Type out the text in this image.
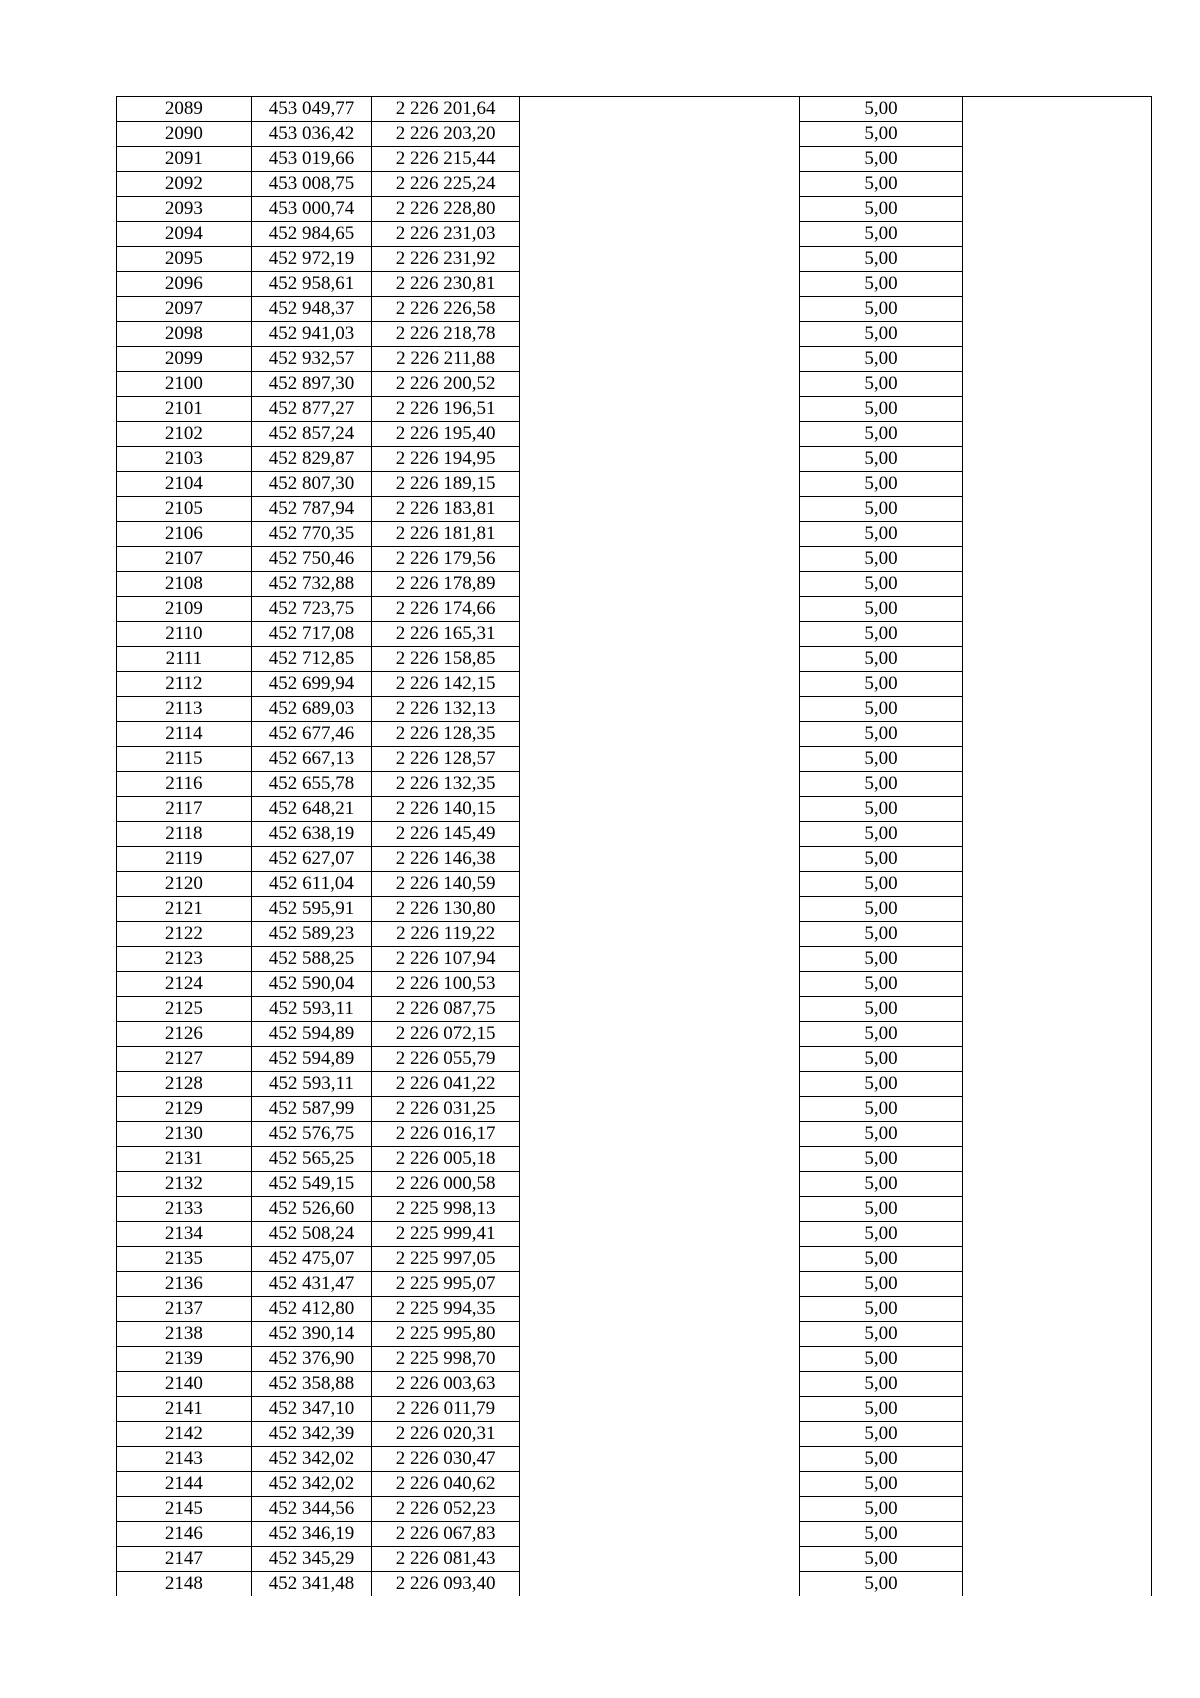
2089	453 049,77	2 226 201,64		5,00	
2090	453 036,42	2 226 203,20		5,00	
2091	453 019,66	2 226 215,44		5,00	
2092	453 008,75	2 226 225,24		5,00	
2093	453 000,74	2 226 228,80		5,00	
2094	452 984,65	2 226 231,03		5,00	
2095	452 972,19	2 226 231,92		5,00	
2096	452 958,61	2 226 230,81		5,00	
2097	452 948,37	2 226 226,58		5,00	
2098	452 941,03	2 226 218,78		5,00	
2099	452 932,57	2 226 211,88		5,00	
2100	452 897,30	2 226 200,52		5,00	
2101	452 877,27	2 226 196,51		5,00	
2102	452 857,24	2 226 195,40		5,00	
2103	452 829,87	2 226 194,95		5,00	
2104	452 807,30	2 226 189,15		5,00	
2105	452 787,94	2 226 183,81		5,00	
2106	452 770,35	2 226 181,81		5,00	
2107	452 750,46	2 226 179,56		5,00	
2108	452 732,88	2 226 178,89		5,00	
2109	452 723,75	2 226 174,66		5,00	
2110	452 717,08	2 226 165,31		5,00	
2111	452 712,85	2 226 158,85		5,00	
2112	452 699,94	2 226 142,15		5,00	
2113	452 689,03	2 226 132,13		5,00	
2114	452 677,46	2 226 128,35		5,00	
2115	452 667,13	2 226 128,57		5,00	
2116	452 655,78	2 226 132,35		5,00	
2117	452 648,21	2 226 140,15		5,00	
2118	452 638,19	2 226 145,49		5,00	
2119	452 627,07	2 226 146,38		5,00	
2120	452 611,04	2 226 140,59		5,00	
2121	452 595,91	2 226 130,80		5,00	
2122	452 589,23	2 226 119,22		5,00	
2123	452 588,25	2 226 107,94		5,00	
2124	452 590,04	2 226 100,53		5,00	
2125	452 593,11	2 226 087,75		5,00	
2126	452 594,89	2 226 072,15		5,00	
2127	452 594,89	2 226 055,79		5,00	
2128	452 593,11	2 226 041,22		5,00	
2129	452 587,99	2 226 031,25		5,00	
2130	452 576,75	2 226 016,17		5,00	
2131	452 565,25	2 226 005,18		5,00	
2132	452 549,15	2 226 000,58		5,00	
2133	452 526,60	2 225 998,13		5,00	
2134	452 508,24	2 225 999,41		5,00	
2135	452 475,07	2 225 997,05		5,00	
2136	452 431,47	2 225 995,07		5,00	
2137	452 412,80	2 225 994,35		5,00	
2138	452 390,14	2 225 995,80		5,00	
2139	452 376,90	2 225 998,70		5,00	
2140	452 358,88	2 226 003,63		5,00	
2141	452 347,10	2 226 011,79		5,00	
2142	452 342,39	2 226 020,31		5,00	
2143	452 342,02	2 226 030,47		5,00	
2144	452 342,02	2 226 040,62		5,00	
2145	452 344,56	2 226 052,23		5,00	
2146	452 346,19	2 226 067,83		5,00	
2147	452 345,29	2 226 081,43		5,00	
2148	452 341,48	2 226 093,40		5,00	
